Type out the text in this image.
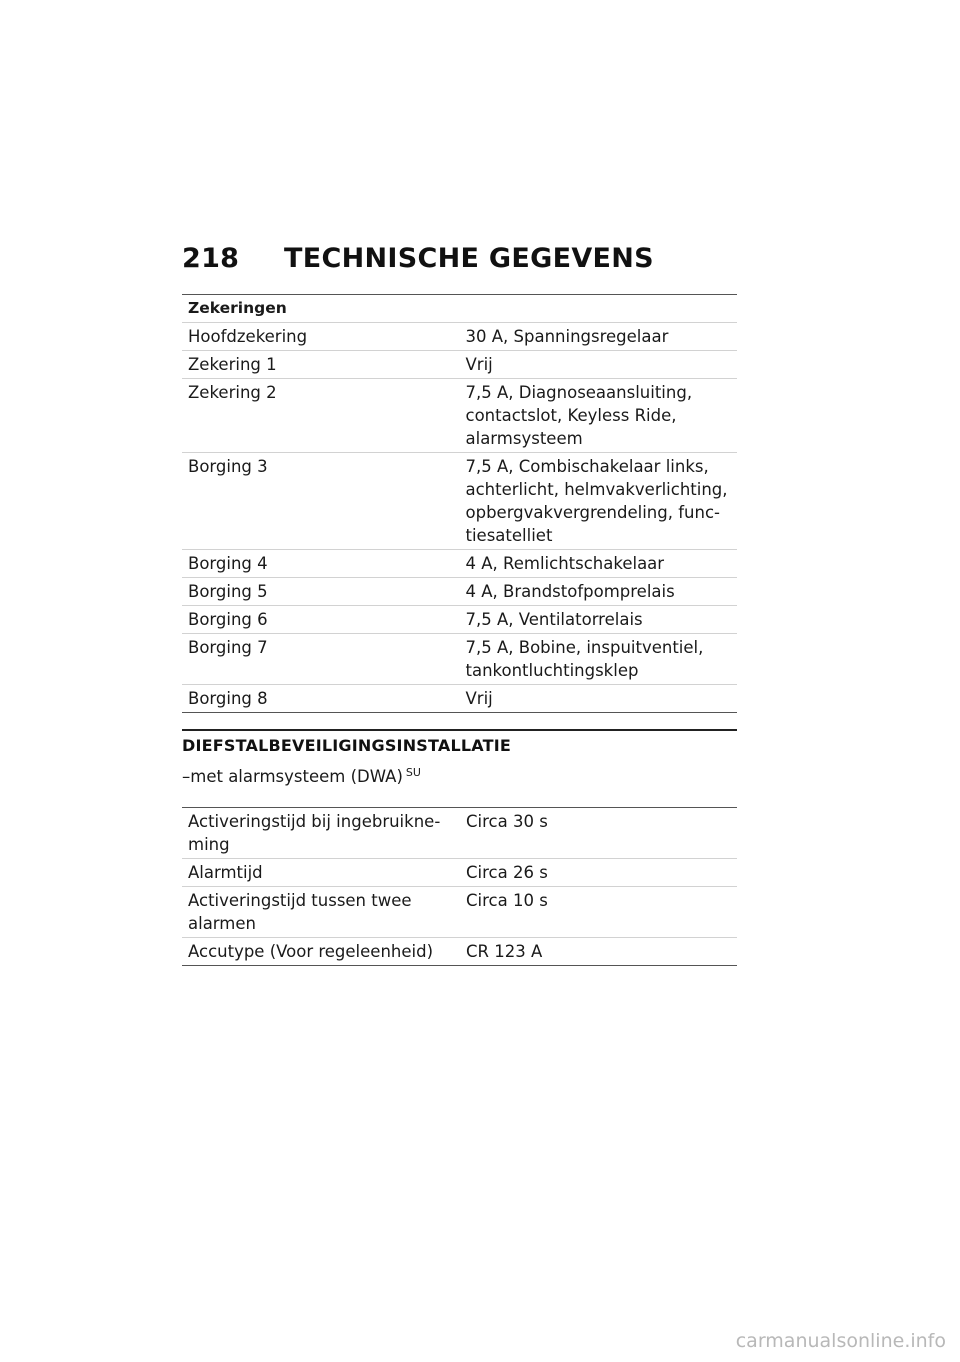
218	TECHNISCHE GEGEVENS
Zekeringen	
Hoofdzekering	30 A, Spanningsregelaar
Zekering 1	Vrij
Zekering 2	7,5 A, Diagnoseaansluiting, contactslot, Keyless Ride, alarmsysteem
Borging 3	7,5 A, Combischakelaar links, achterlicht, helmvakverlichting, opbergvakvergrendeling, functiesatelliet
Borging 4	4 A, Remlichtschakelaar
Borging 5	4 A, Brandstofpomprelais
Borging 6	7,5 A, Ventilatorrelais
Borging 7	7,5 A, Bobine, inspuitventiel, tankontluchtingsklep
Borging 8	Vrij
DIEFSTALBEVEILIGINGSINSTALLATIE
–met alarmsysteem (DWA) $^{SU}$
Activeringstijd bij ingebruikneming	Circa 30 s
Alarmtijd	Circa 26 s
Activeringstijd tussen twee alarmen	Circa 10 s
Accutype (Voor regeleenheid)	CR 123 A
carmanualsonline.info
